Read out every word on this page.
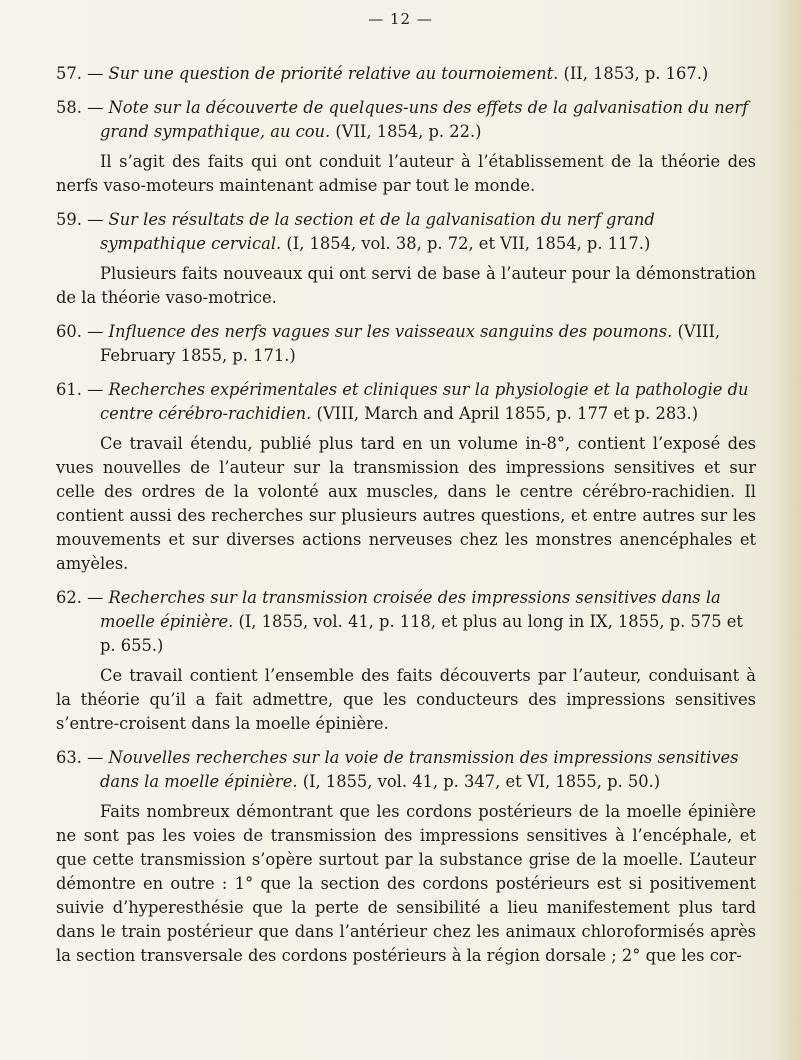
— 12 —

57. — Sur une question de priorité relative au tournoiement. (II, 1853, p. 167.)

58. — Note sur la découverte de quelques-uns des effets de la galvanisation du nerf grand sympathique, au cou. (VII, 1854, p. 22.)

Il s’agit des faits qui ont conduit l’auteur à l’établissement de la théorie des nerfs vaso-moteurs maintenant admise par tout le monde.

59. — Sur les résultats de la section et de la galvanisation du nerf grand sympathique cervical. (I, 1854, vol. 38, p. 72, et VII, 1854, p. 117.)

Plusieurs faits nouveaux qui ont servi de base à l’auteur pour la démonstration de la théorie vaso-motrice.

60. — Influence des nerfs vagues sur les vaisseaux sanguins des poumons. (VIII, February 1855, p. 171.)

61. — Recherches expérimentales et cliniques sur la physiologie et la pathologie du centre cérébro-rachidien. (VIII, March and April 1855, p. 177 et p. 283.)

Ce travail étendu, publié plus tard en un volume in-8°, contient l’exposé des vues nouvelles de l’auteur sur la transmission des impressions sensitives et sur celle des ordres de la volonté aux muscles, dans le centre cérébro-rachidien. Il contient aussi des recherches sur plusieurs autres questions, et entre autres sur les mouvements et sur diverses actions nerveuses chez les monstres anencéphales et amyèles.

62. — Recherches sur la transmission croisée des impressions sensitives dans la moelle épinière. (I, 1855, vol. 41, p. 118, et plus au long in IX, 1855, p. 575 et p. 655.)

Ce travail contient l’ensemble des faits découverts par l’auteur, conduisant à la théorie qu’il a fait admettre, que les conducteurs des impressions sensitives s’entre-croisent dans la moelle épinière.

63. — Nouvelles recherches sur la voie de transmission des impressions sensitives dans la moelle épinière. (I, 1855, vol. 41, p. 347, et VI, 1855, p. 50.)

Faits nombreux démontrant que les cordons postérieurs de la moelle épinière ne sont pas les voies de transmission des impressions sensitives à l’encéphale, et que cette transmission s’opère surtout par la substance grise de la moelle. L’auteur démontre en outre : 1° que la section des cordons postérieurs est si positivement suivie d’hyperesthésie que la perte de sensibilité a lieu manifestement plus tard dans le train postérieur que dans l’antérieur chez les animaux chloroformisés après la section transversale des cordons postérieurs à la région dorsale ; 2° que les cor-
